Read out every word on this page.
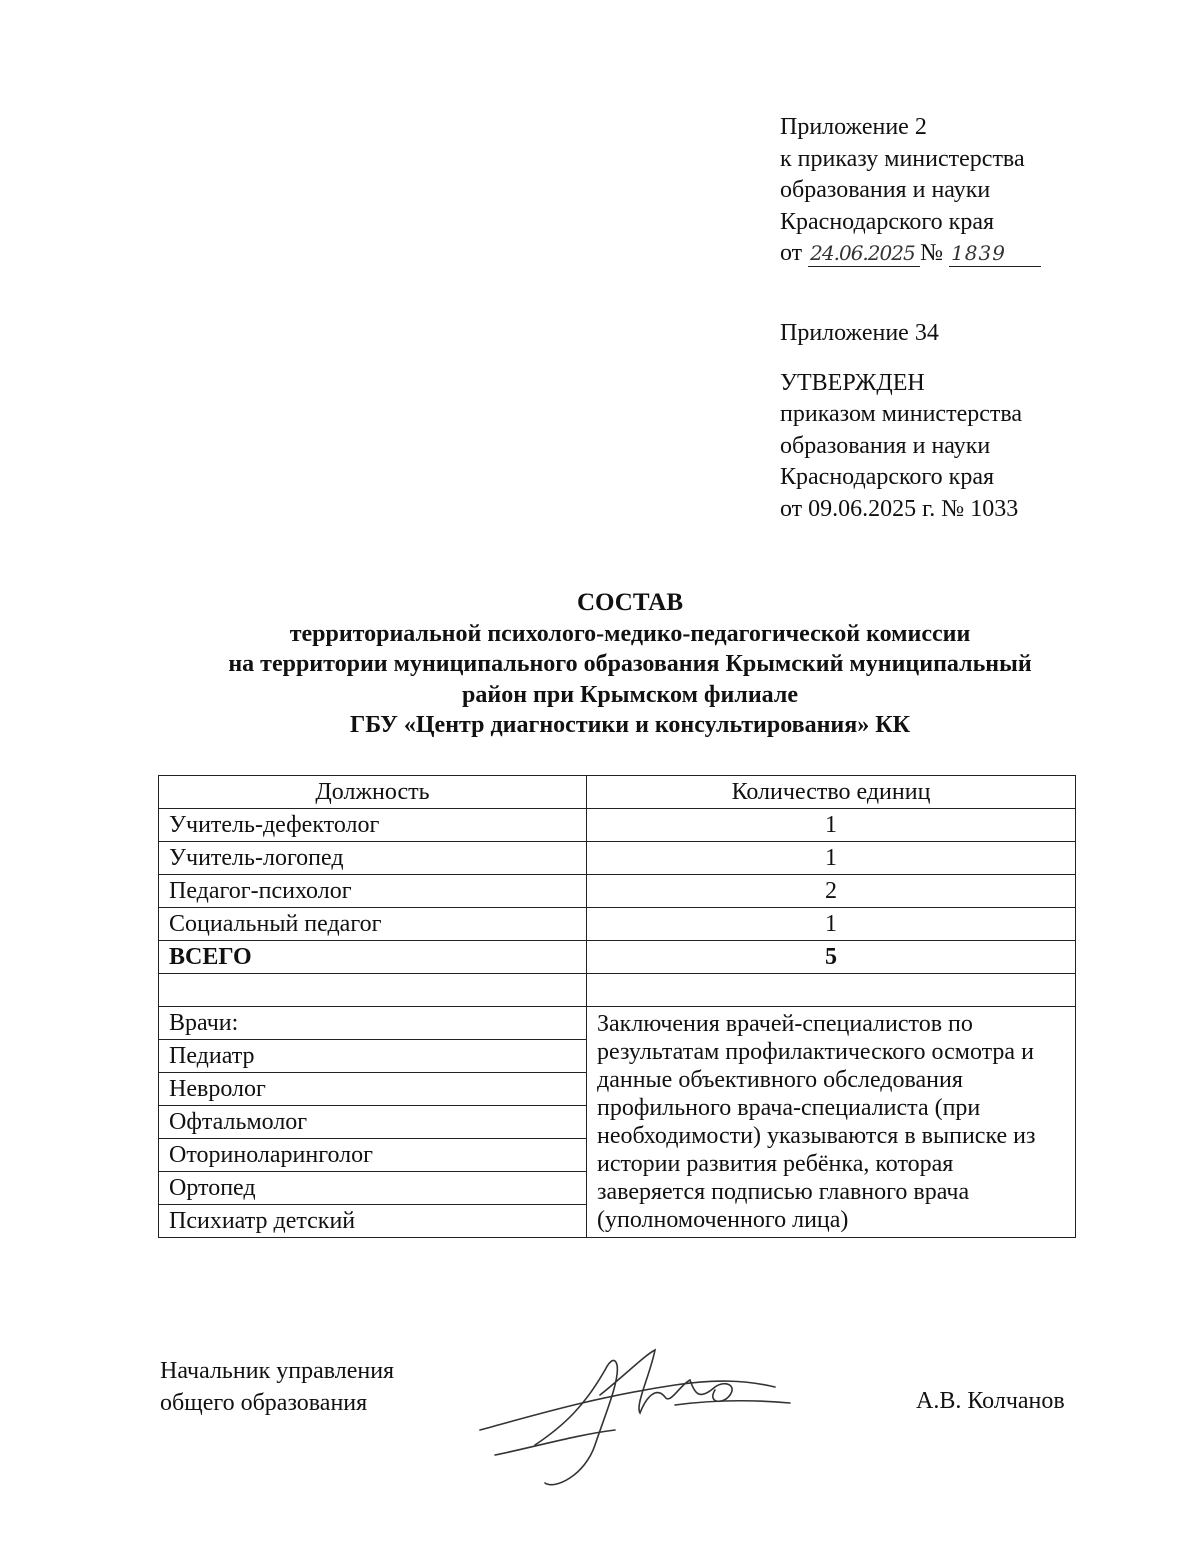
Приложение 2
к приказу министерства
образования и науки
Краснодарского края
от 24.06.2025 № 1839
Приложение 34
УТВЕРЖДЕН
приказом министерства
образования и науки
Краснодарского края
от 09.06.2025 г. № 1033
СОСТАВ
территориальной психолого-медико-педагогической комиссии
на территории муниципального образования Крымский муниципальный
район при Крымском филиале
ГБУ «Центр диагностики и консультирования» КК
Должность	Количество единиц
Учитель-дефектолог	1
Учитель-логопед	1
Педагог-психолог	2
Социальный педагог	1
ВСЕГО	5

Врачи:	Заключения врачей-специалистов по результатам профилактического осмотра и данные объективного обследования профильного врача-специалиста (при необходимости) указываются в выписке из истории развития ребёнка, которая заверяется подписью главного врача (уполномоченного лица)
Педиатр	
Невролог	
Офтальмолог	
Оториноларинголог	
Ортопед	
Психиатр детский	
Начальник управления
общего образования	А.В. Колчанов
